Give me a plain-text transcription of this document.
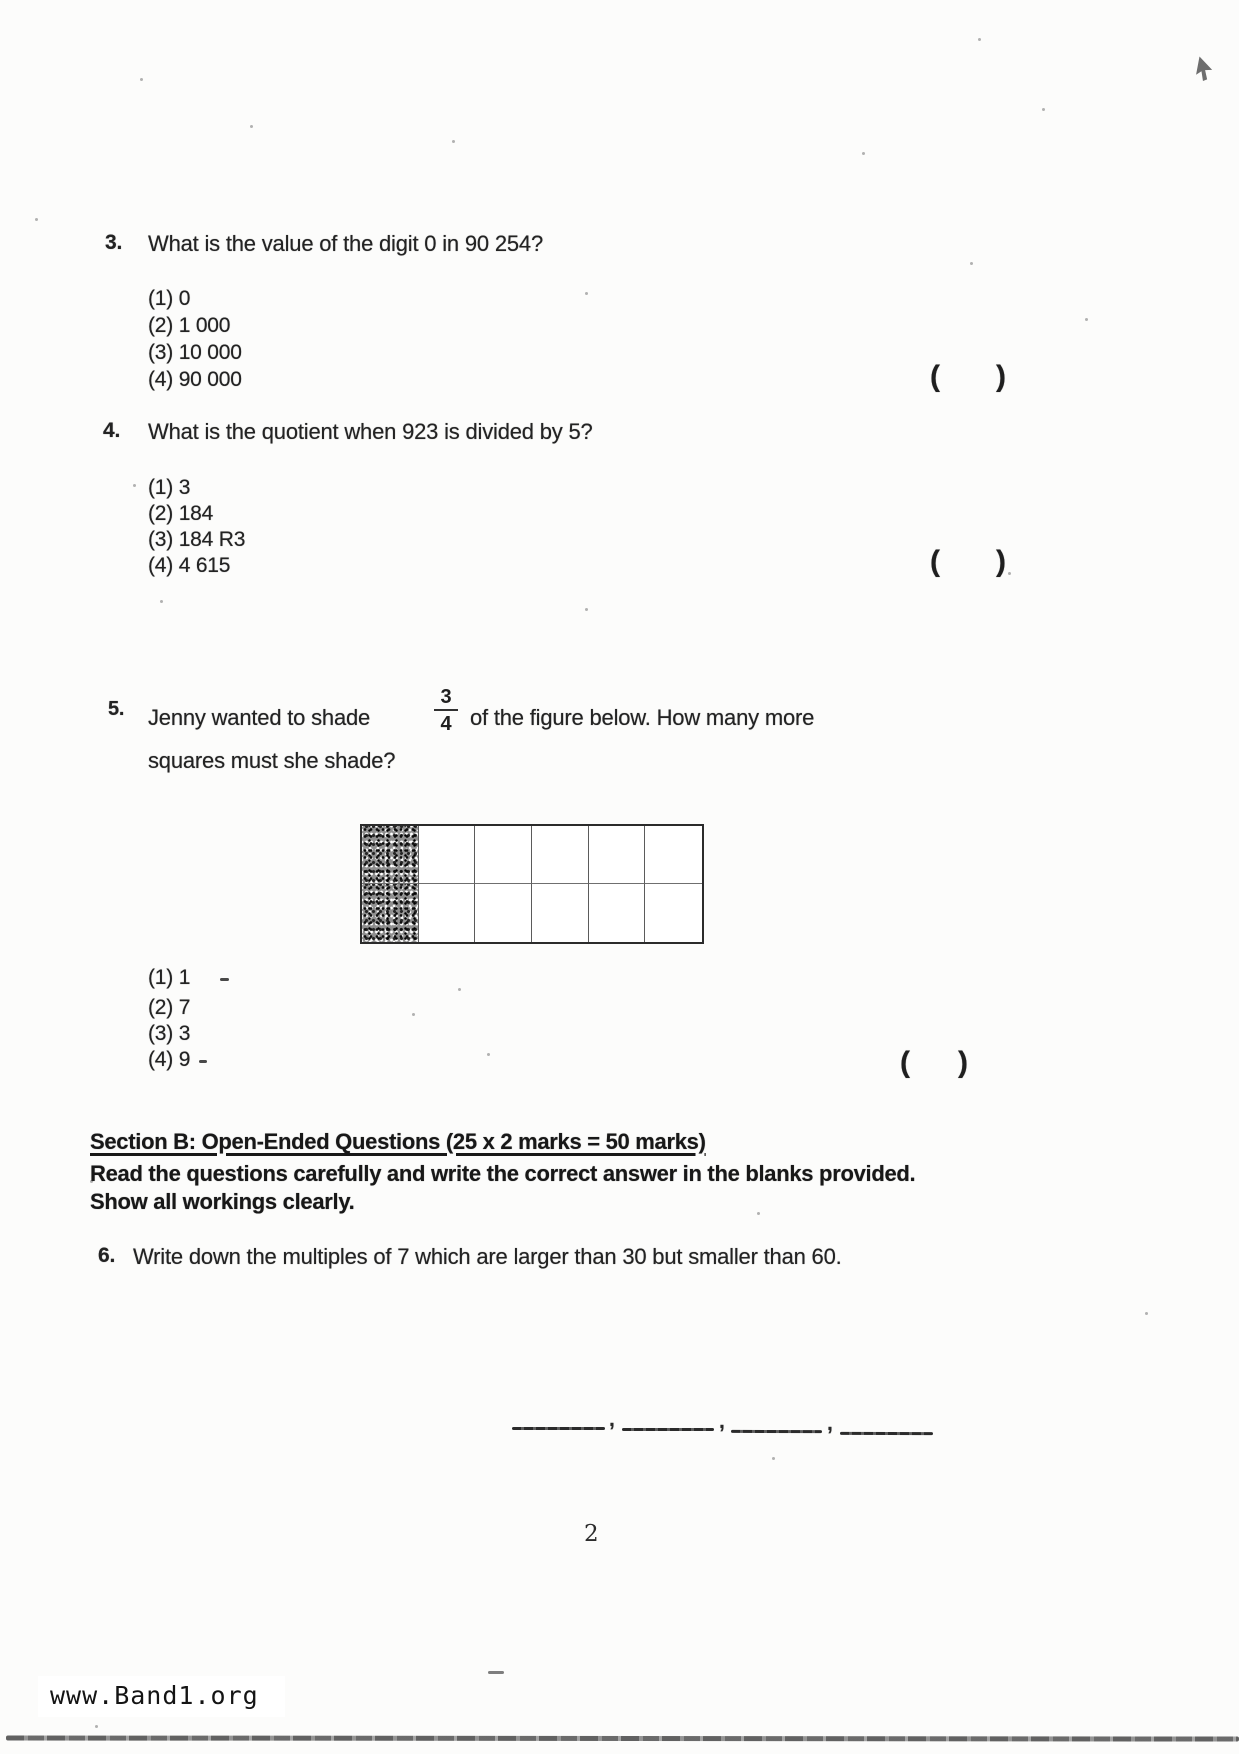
3. What is the value of the digit 0 in 90 254?
(1) 0
(2) 1 000
(3) 10 000
(4) 90 000	( )
4. What is the quotient when 923 is divided by 5?
(1) 3
(2) 184
(3) 184 R3
(4) 4 615	( )
5. Jenny wanted to shade
3
4 of the figure below. How many more
squares must she shade?
(1) 1
(2) 7
(3) 3
(4) 9	( )
Section B: Open-Ended Questions (25 x 2 marks = 50 marks)
Read the questions carefully and write the correct answer in the blanks provided.
Show all workings clearly.
6. Write down the multiples of 7 which are larger than 30 but smaller than 60.
,	,	,
2
www.Band1.org
